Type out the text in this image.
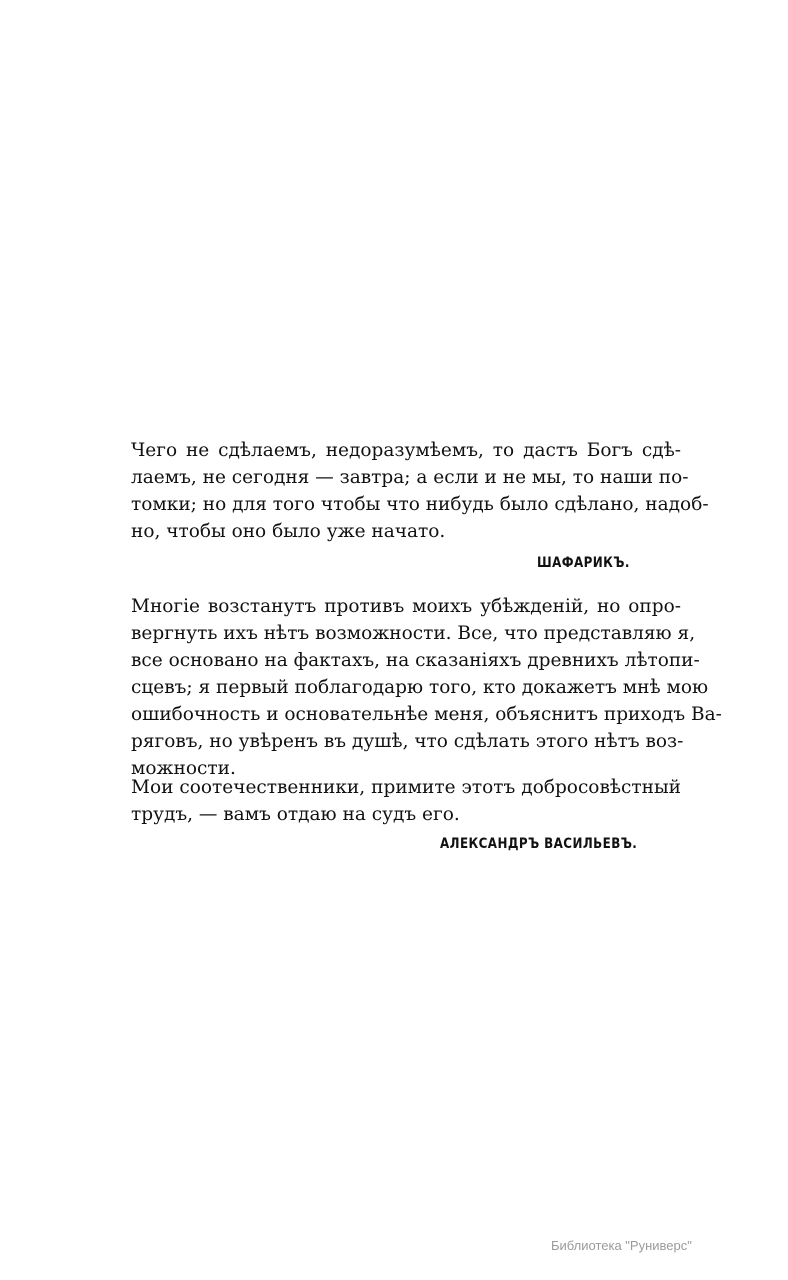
Чего не сдѣлаемъ, недоразумѣемъ, то дастъ Богъ сдѣ-
лаемъ, не сегодня — завтра; а если и не мы, то наши по-
томки; но для того чтобы что нибудь было сдѣлано, надоб-
но, чтобы оно было уже начато.
ШАФАРИКЪ.
Многіе возстанутъ противъ моихъ убѣжденій, но опро-
вергнуть ихъ нѣтъ возможности. Все, что представляю я,
все основано на фактахъ, на сказаніяхъ древнихъ лѣтопи-
сцевъ; я первый поблагодарю того, кто докажетъ мнѣ мою
ошибочность и основательнѣе меня, объяснитъ приходъ Ва-
ряговъ, но увѣренъ въ душѣ, что сдѣлать этого нѣтъ воз-
можности.
Мои соотечественники, примите этотъ добросовѣстный
трудъ, — вамъ отдаю на судъ его.
АЛЕКСАНДРЪ ВАСИЛЬЕВЪ.
Библиотека "Руниверс"
